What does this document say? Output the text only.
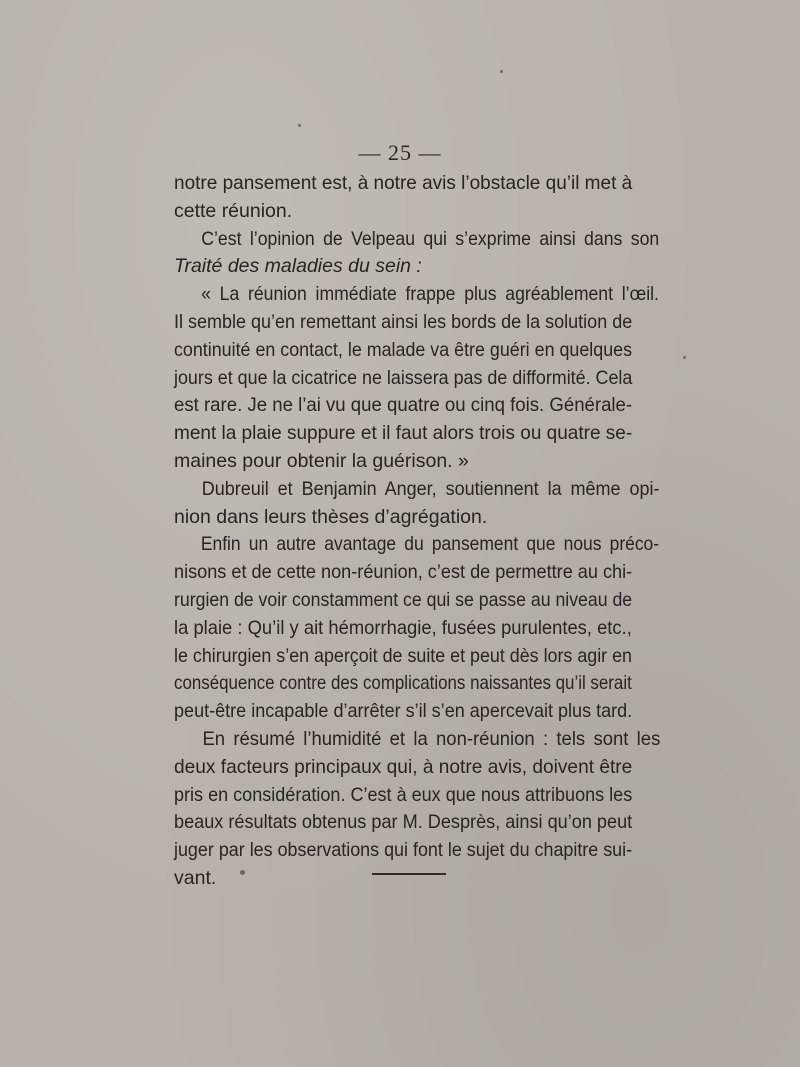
— 25 —
notre pansement est, à notre avis l’obstacle qu’il met à
cette réunion.
C’est l’opinion de Velpeau qui s’exprime ainsi dans son
Traité des maladies du sein :
« La réunion immédiate frappe plus agréablement l’œil.
Il semble qu’en remettant ainsi les bords de la solution de
continuité en contact, le malade va être guéri en quelques
jours et que la cicatrice ne laissera pas de difformité. Cela
est rare. Je ne l’ai vu que quatre ou cinq fois. Générale-
ment la plaie suppure et il faut alors trois ou quatre se-
maines pour obtenir la guérison. »
Dubreuil et Benjamin Anger, soutiennent la même opi-
nion dans leurs thèses d’agrégation.
Enfin un autre avantage du pansement que nous préco-
nisons et de cette non-réunion, c’est de permettre au chi-
rurgien de voir constamment ce qui se passe au niveau de
la plaie : Qu’il y ait hémorrhagie, fusées purulentes, etc.,
le chirurgien s’en aperçoit de suite et peut dès lors agir en
conséquence contre des complications naissantes qu’il serait
peut-être incapable d’arrêter s’il s’en apercevait plus tard.
En résumé l’humidité et la non-réunion : tels sont les
deux facteurs principaux qui, à notre avis, doivent être
pris en considération. C’est à eux que nous attribuons les
beaux résultats obtenus par M. Desprès, ainsi qu’on peut
juger par les observations qui font le sujet du chapitre sui-
vant.
